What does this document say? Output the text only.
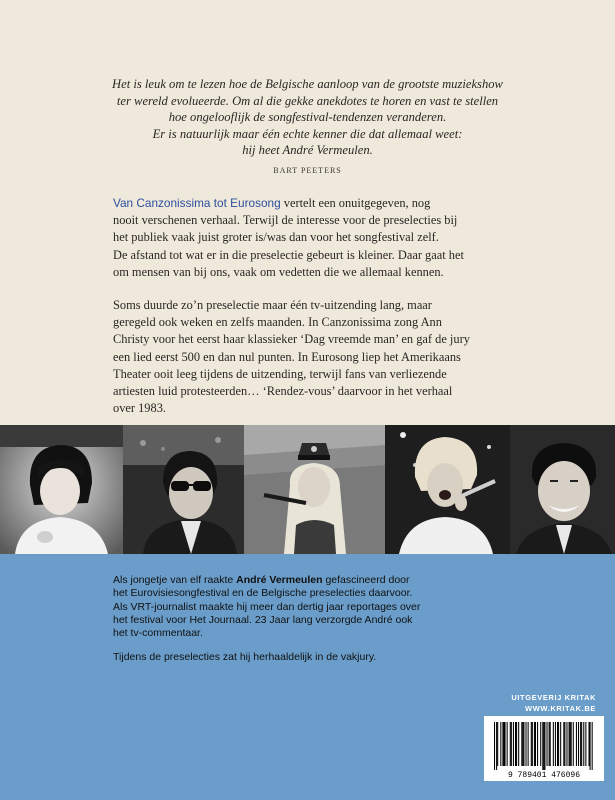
Het is leuk om te lezen hoe de Belgische aanloop van de grootste muziekshow
ter wereld evolueerde. Om al die gekke anekdotes te horen en vast te stellen
hoe ongelooflijk de songfestival-tendenzen veranderen.
Er is natuurlijk maar één echte kenner die dat allemaal weet:
hij heet André Vermeulen.
BART PEETERS

Van Canzonissima tot Eurosong vertelt een onuitgegeven, nog
nooit verschenen verhaal. Terwijl de interesse voor de preselecties bij
het publiek vaak juist groter is/was dan voor het songfestival zelf.
De afstand tot wat er in die preselectie gebeurt is kleiner. Daar gaat het
om mensen van bij ons, vaak om vedetten die we allemaal kennen.

Soms duurde zo’n preselectie maar één tv-uitzending lang, maar
geregeld ook weken en zelfs maanden. In Canzonissima zong Ann
Christy voor het eerst haar klassieker ‘Dag vreemde man’ en gaf de jury
een lied eerst 500 en dan nul punten. In Eurosong liep het Amerikaans
Theater ooit leeg tijdens de uitzending, terwijl fans van verliezende
artiesten luid protesteerden… ‘Rendez-vous’ daarvoor in het verhaal
over 1983.

Als jongetje van elf raakte André Vermeulen gefascineerd door
het Eurovisiesongfestival en de Belgische preselecties daarvoor.
Als VRT-journalist maakte hij meer dan dertig jaar reportages over
het festival voor Het Journaal. 23 Jaar lang verzorgde André ook
het tv-commentaar.

Tijdens de preselecties zat hij herhaaldelijk in de vakjury.

UITGEVERIJ KRITAK
WWW.KRITAK.BE
9 789401 476096
